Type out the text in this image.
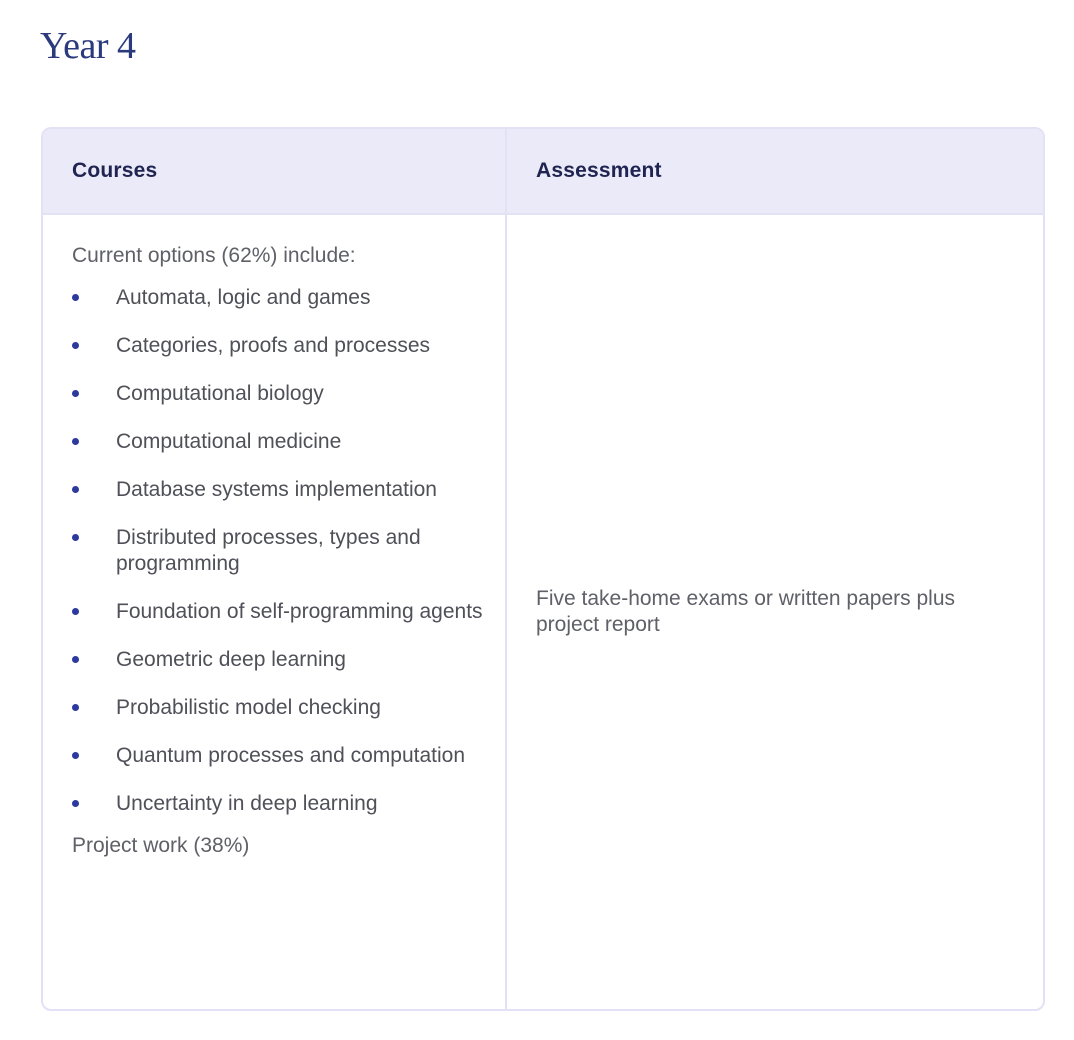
Year 4
Courses	Assessment

Current options (62%) include:

Automata, logic and games
Categories, proofs and processes
Computational biology
Computational medicine
Database systems implementation
Distributed processes, types and programming
Foundation of self-programming agents
Geometric deep learning
Probabilistic model checking
Quantum processes and computation
Uncertainty in deep learning

Project work (38%)

Five take-home exams or written papers plus project report
